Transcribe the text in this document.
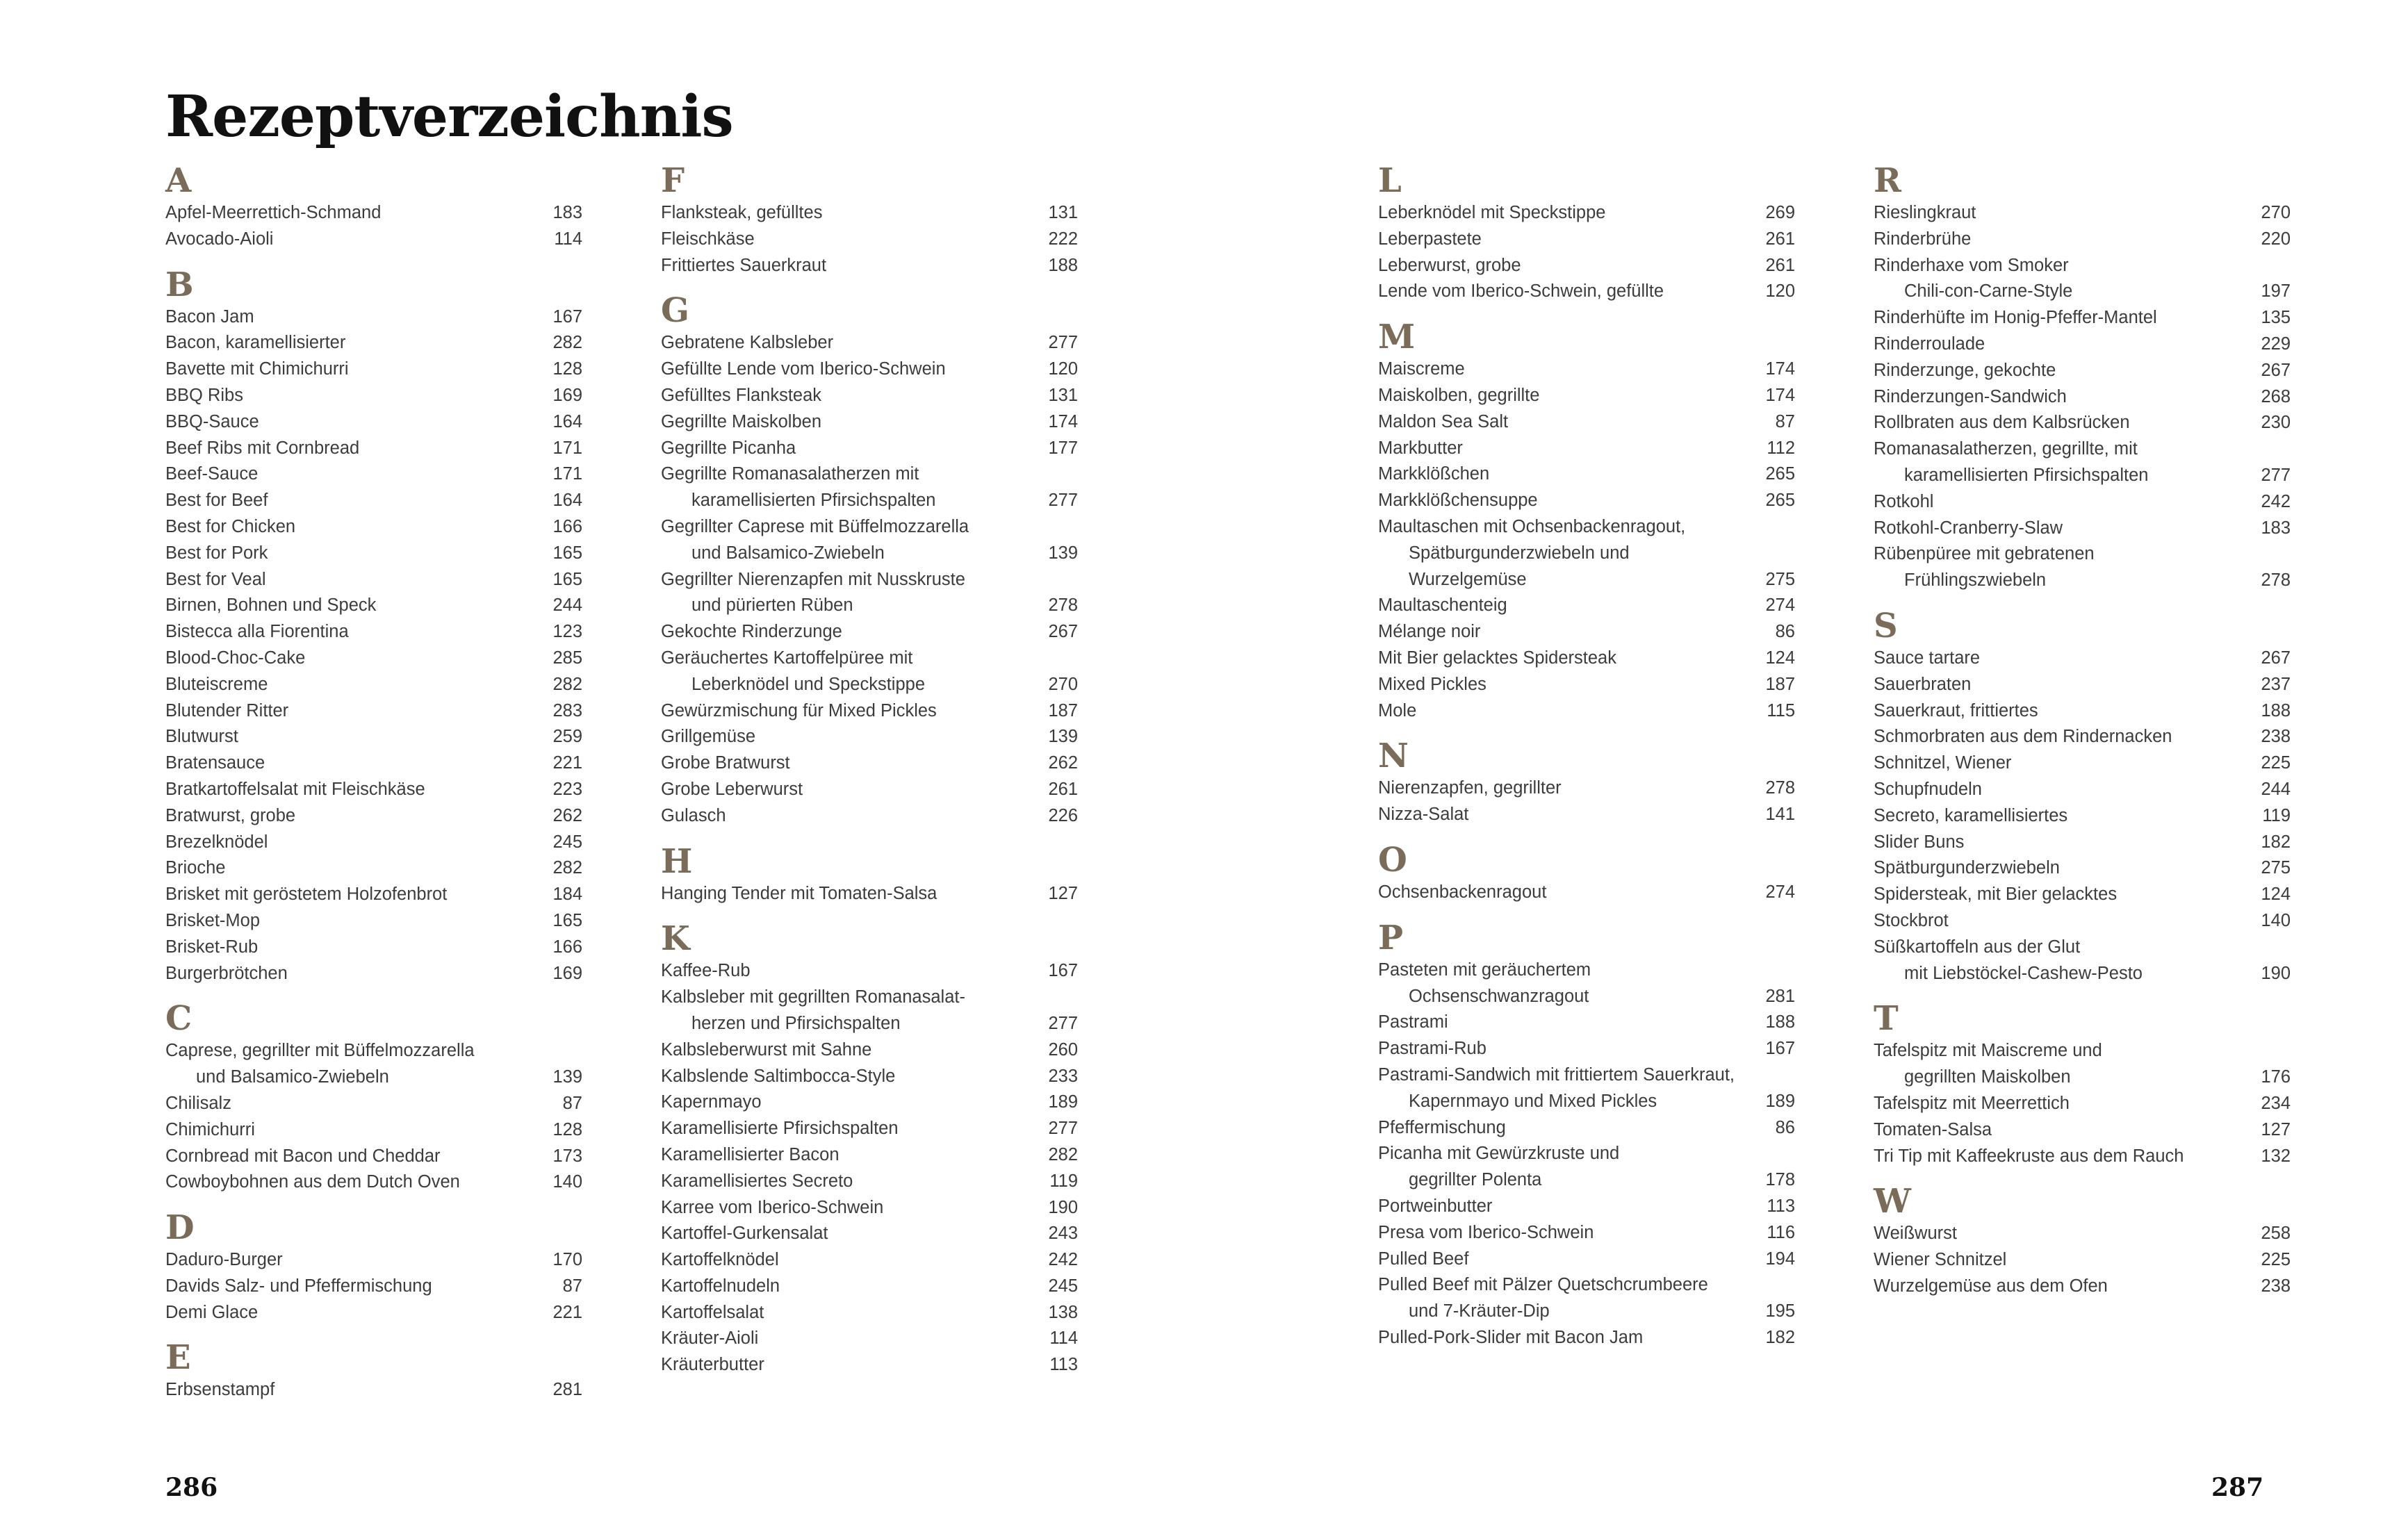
Rezeptverzeichnis
A
Apfel-Meerrettich-Schmand	183
Avocado-Aioli	114
B
Bacon Jam	167
Bacon, karamellisierter	282
Bavette mit Chimichurri	128
BBQ Ribs	169
BBQ-Sauce	164
Beef Ribs mit Cornbread	171
Beef-Sauce	171
Best for Beef	164
Best for Chicken	166
Best for Pork	165
Best for Veal	165
Birnen, Bohnen und Speck	244
Bistecca alla Fiorentina	123
Blood-Choc-Cake	285
Bluteiscreme	282
Blutender Ritter	283
Blutwurst	259
Bratensauce	221
Bratkartoffelsalat mit Fleischkäse	223
Bratwurst, grobe	262
Brezelknödel	245
Brioche	282
Brisket mit geröstetem Holzofenbrot	184
Brisket-Mop	165
Brisket-Rub	166
Burgerbrötchen	169
C
Caprese, gegrillter mit Büffelmozzarella
und Balsamico-Zwiebeln	139
Chilisalz	87
Chimichurri	128
Cornbread mit Bacon und Cheddar	173
Cowboybohnen aus dem Dutch Oven	140
D
Daduro-Burger	170
Davids Salz- und Pfeffermischung	87
Demi Glace	221
E
Erbsenstampf	281
F
Flanksteak, gefülltes	131
Fleischkäse	222
Frittiertes Sauerkraut	188
G
Gebratene Kalbsleber	277
Gefüllte Lende vom Iberico-Schwein	120
Gefülltes Flanksteak	131
Gegrillte Maiskolben	174
Gegrillte Picanha	177
Gegrillte Romanasalatherzen mit
karamellisierten Pfirsichspalten	277
Gegrillter Caprese mit Büffelmozzarella
und Balsamico-Zwiebeln	139
Gegrillter Nierenzapfen mit Nusskruste
und pürierten Rüben	278
Gekochte Rinderzunge	267
Geräuchertes Kartoffelpüree mit
Leberknödel und Speckstippe	270
Gewürzmischung für Mixed Pickles	187
Grillgemüse	139
Grobe Bratwurst	262
Grobe Leberwurst	261
Gulasch	226
H
Hanging Tender mit Tomaten-Salsa	127
K
Kaffee-Rub	167
Kalbsleber mit gegrillten Romanasalat-
herzen und Pfirsichspalten	277
Kalbsleberwurst mit Sahne	260
Kalbslende Saltimbocca-Style	233
Kapernmayo	189
Karamellisierte Pfirsichspalten	277
Karamellisierter Bacon	282
Karamellisiertes Secreto	119
Karree vom Iberico-Schwein	190
Kartoffel-Gurkensalat	243
Kartoffelknödel	242
Kartoffelnudeln	245
Kartoffelsalat	138
Kräuter-Aioli	114
Kräuterbutter	113
L
Leberknödel mit Speckstippe	269
Leberpastete	261
Leberwurst, grobe	261
Lende vom Iberico-Schwein, gefüllte	120
M
Maiscreme	174
Maiskolben, gegrillte	174
Maldon Sea Salt	87
Markbutter	112
Markklößchen	265
Markklößchensuppe	265
Maultaschen mit Ochsenbackenragout,
Spätburgunderzwiebeln und Wurzelgemüse	275
Maultaschenteig	274
Mélange noir	86
Mit Bier gelacktes Spidersteak	124
Mixed Pickles	187
Mole	115
N
Nierenzapfen, gegrillter	278
Nizza-Salat	141
O
Ochsenbackenragout	274
P
Pasteten mit geräuchertem
Ochsenschwanzragout	281
Pastrami	188
Pastrami-Rub	167
Pastrami-Sandwich mit frittiertem Sauerkraut,
Kapernmayo und Mixed Pickles	189
Pfeffermischung	86
Picanha mit Gewürzkruste und
gegrillter Polenta	178
Portweinbutter	113
Presa vom Iberico-Schwein	116
Pulled Beef	194
Pulled Beef mit Pälzer Quetschcrumbeere
und 7-Kräuter-Dip	195
Pulled-Pork-Slider mit Bacon Jam	182
R
Rieslingkraut	270
Rinderbrühe	220
Rinderhaxe vom Smoker
Chili-con-Carne-Style	197
Rinderhüfte im Honig-Pfeffer-Mantel	135
Rinderroulade	229
Rinderzunge, gekochte	267
Rinderzungen-Sandwich	268
Rollbraten aus dem Kalbsrücken	230
Romanasalatherzen, gegrillte, mit
karamellisierten Pfirsichspalten	277
Rotkohl	242
Rotkohl-Cranberry-Slaw	183
Rübenpüree mit gebratenen
Frühlingszwiebeln	278
S
Sauce tartare	267
Sauerbraten	237
Sauerkraut, frittiertes	188
Schmorbraten aus dem Rindernacken	238
Schnitzel, Wiener	225
Schupfnudeln	244
Secreto, karamellisiertes	119
Slider Buns	182
Spätburgunderzwiebeln	275
Spidersteak, mit Bier gelacktes	124
Stockbrot	140
Süßkartoffeln aus der Glut
mit Liebstöckel-Cashew-Pesto	190
T
Tafelspitz mit Maiscreme und
gegrillten Maiskolben	176
Tafelspitz mit Meerrettich	234
Tomaten-Salsa	127
Tri Tip mit Kaffeekruste aus dem Rauch	132
W
Weißwurst	258
Wiener Schnitzel	225
Wurzelgemüse aus dem Ofen	238
286	287
